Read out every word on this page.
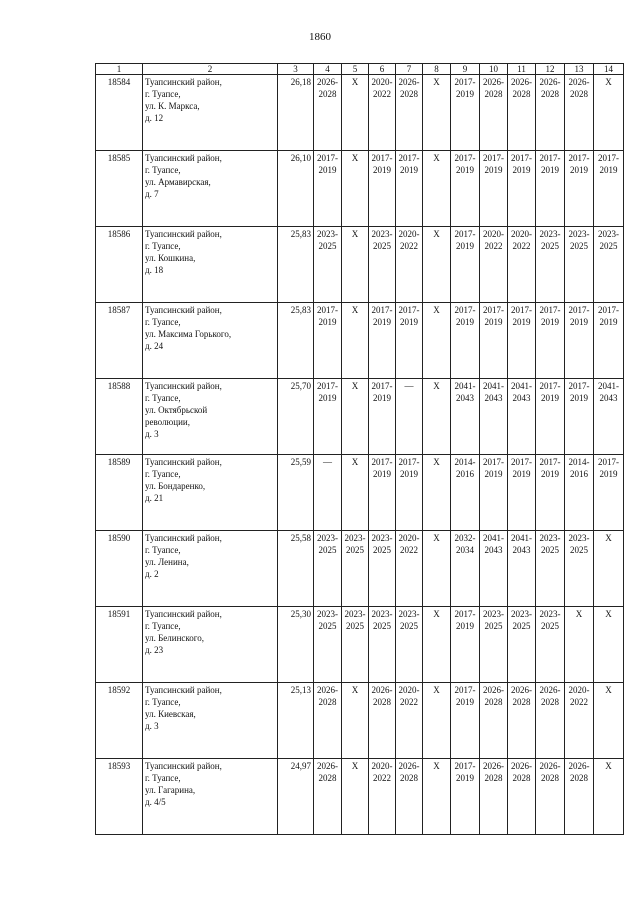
1860
1	2	3	4	5	6	7	8	9	10	11	12	13	14

18584	Туапсинский район,
г. Туапсе,
ул. К. Маркса,
д. 12	26,18	2026-
2028	Х	2020-
2022	2026-
2028	Х	2017-
2019	2026-
2028	2026-
2028	2026-
2028	2026-
2028	Х

18585	Туапсинский район,
г. Туапсе,
ул. Армавирская,
д. 7	26,10	2017-
2019	Х	2017-
2019	2017-
2019	Х	2017-
2019	2017-
2019	2017-
2019	2017-
2019	2017-
2019	2017-
2019

18586	Туапсинский район,
г. Туапсе,
ул. Кошкина,
д. 18	25,83	2023-
2025	Х	2023-
2025	2020-
2022	Х	2017-
2019	2020-
2022	2020-
2022	2023-
2025	2023-
2025	2023-
2025

18587	Туапсинский район,
г. Туапсе,
ул. Максима Горького,
д. 24	25,83	2017-
2019	Х	2017-
2019	2017-
2019	Х	2017-
2019	2017-
2019	2017-
2019	2017-
2019	2017-
2019	2017-
2019

18588	Туапсинский район,
г. Туапсе,
ул. Октябрьской
революции,
д. 3	25,70	2017-
2019	Х	2017-
2019	—	Х	2041-
2043	2041-
2043	2041-
2043	2017-
2019	2017-
2019	2041-
2043

18589	Туапсинский район,
г. Туапсе,
ул. Бондаренко,
д. 21	25,59	—	Х	2017-
2019	2017-
2019	Х	2014-
2016	2017-
2019	2017-
2019	2017-
2019	2014-
2016	2017-
2019

18590	Туапсинский район,
г. Туапсе,
ул. Ленина,
д. 2	25,58	2023-
2025	2023-
2025	2023-
2025	2020-
2022	Х	2032-
2034	2041-
2043	2041-
2043	2023-
2025	2023-
2025	Х

18591	Туапсинский район,
г. Туапсе,
ул. Белинского,
д. 23	25,30	2023-
2025	2023-
2025	2023-
2025	2023-
2025	Х	2017-
2019	2023-
2025	2023-
2025	2023-
2025	Х	Х

18592	Туапсинский район,
г. Туапсе,
ул. Киевская,
д. 3	25,13	2026-
2028	Х	2026-
2028	2020-
2022	Х	2017-
2019	2026-
2028	2026-
2028	2026-
2028	2020-
2022	Х

18593	Туапсинский район,
г. Туапсе,
ул. Гагарина,
д. 4/5	24,97	2026-
2028	Х	2020-
2022	2026-
2028	Х	2017-
2019	2026-
2028	2026-
2028	2026-
2028	2026-
2028	Х
